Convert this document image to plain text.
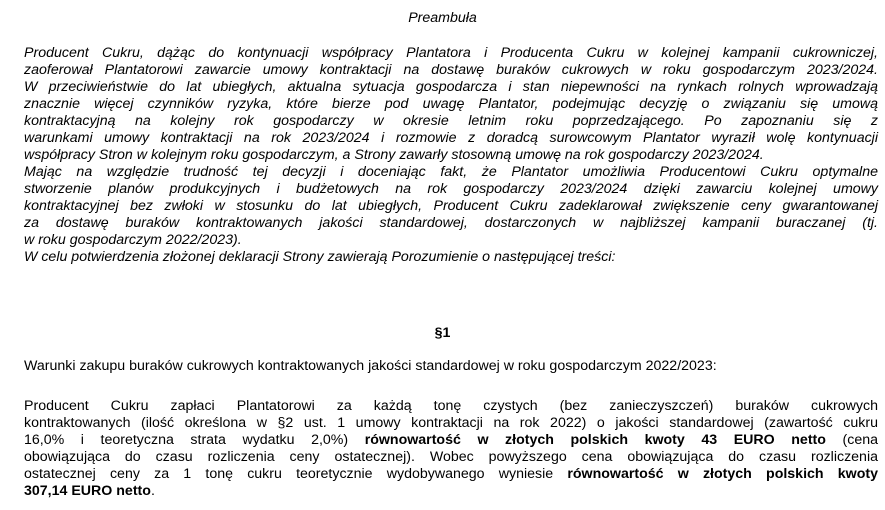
Preambuła
Producent Cukru, dążąc do kontynuacji współpracy Plantatora i Producenta Cukru w kolejnej kampanii cukrowniczej,
zaoferował Plantatorowi zawarcie umowy kontraktacji na dostawę buraków cukrowych w roku gospodarczym 2023/2024.
W przeciwieństwie do lat ubiegłych, aktualna sytuacja gospodarcza i stan niepewności na rynkach rolnych wprowadzają
znacznie więcej czynników ryzyka, które bierze pod uwagę Plantator, podejmując decyzję o związaniu się umową
kontraktacyjną na kolejny rok gospodarczy w okresie letnim roku poprzedzającego. Po zapoznaniu się z
warunkami umowy kontraktacji na rok 2023/2024 i rozmowie z doradcą surowcowym Plantator wyraził wolę kontynuacji
współpracy Stron w kolejnym roku gospodarczym, a Strony zawarły stosowną umowę na rok gospodarczy 2023/2024.
Mając na względzie trudność tej decyzji i doceniając fakt, że Plantator umożliwia Producentowi Cukru optymalne
stworzenie planów produkcyjnych i budżetowych na rok gospodarczy 2023/2024 dzięki zawarciu kolejnej umowy
kontraktacyjnej bez zwłoki w stosunku do lat ubiegłych, Producent Cukru zadeklarował zwiększenie ceny gwarantowanej
za dostawę buraków kontraktowanych jakości standardowej, dostarczonych w najbliższej kampanii buraczanej (tj.
w roku gospodarczym 2022/2023).
W celu potwierdzenia złożonej deklaracji Strony zawierają Porozumienie o następującej treści:
§1
Warunki zakupu buraków cukrowych kontraktowanych jakości standardowej w roku gospodarczym 2022/2023:
Producent Cukru zapłaci Plantatorowi za każdą tonę czystych (bez zanieczyszczeń) buraków cukrowych
kontraktowanych (ilość określona w §2 ust. 1 umowy kontraktacji na rok 2022) o jakości standardowej (zawartość cukru
16,0% i teoretyczna strata wydatku 2,0%) równowartość w złotych polskich kwoty 43 EURO netto (cena
obowiązująca do czasu rozliczenia ceny ostatecznej). Wobec powyższego cena obowiązująca do czasu rozliczenia
ostatecznej ceny za 1 tonę cukru teoretycznie wydobywanego wyniesie równowartość w złotych polskich kwoty
307,14 EURO netto.
